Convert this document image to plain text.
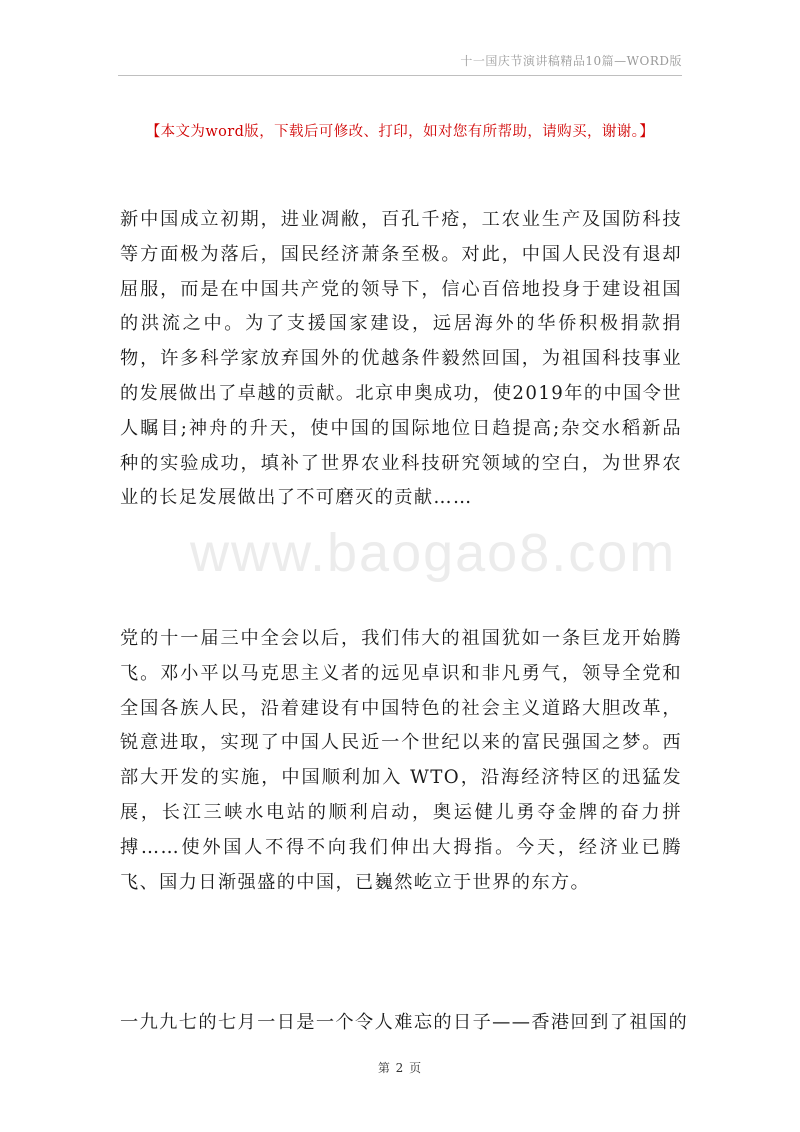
十一国庆节演讲稿精品10篇—WORD版
【本文为word版，下载后可修改、打印，如对您有所帮助，请购买，谢谢。】
www.baogao8.com

新中国成立初期，进业凋敝，百孔千疮，工农业生产及国防科技等方面极为落后，国民经济萧条至极。对此，中国人民没有退却屈服，而是在中国共产党的领导下，信心百倍地投身于建设祖国的洪流之中。为了支援国家建设，远居海外的华侨积极捐款捐物，许多科学家放弃国外的优越条件毅然回国，为祖国科技事业的发展做出了卓越的贡献。北京申奥成功，使2019年的中国令世人瞩目;神舟的升天，使中国的国际地位日趋提高;杂交水稻新品种的实验成功，填补了世界农业科技研究领域的空白，为世界农业的长足发展做出了不可磨灭的贡献……

党的十一届三中全会以后，我们伟大的祖国犹如一条巨龙开始腾飞。邓小平以马克思主义者的远见卓识和非凡勇气，领导全党和全国各族人民，沿着建设有中国特色的社会主义道路大胆改革，锐意进取，实现了中国人民近一个世纪以来的富民强国之梦。西部大开发的实施，中国顺利加入 WTO，沿海经济特区的迅猛发展，长江三峡水电站的顺利启动，奥运健儿勇夺金牌的奋力拼搏……使外国人不得不向我们伸出大拇指。今天，经济业已腾飞、国力日渐强盛的中国，已巍然屹立于世界的东方。

一九九七的七月一日是一个令人难忘的日子——香港回到了祖国的

第 2 页
